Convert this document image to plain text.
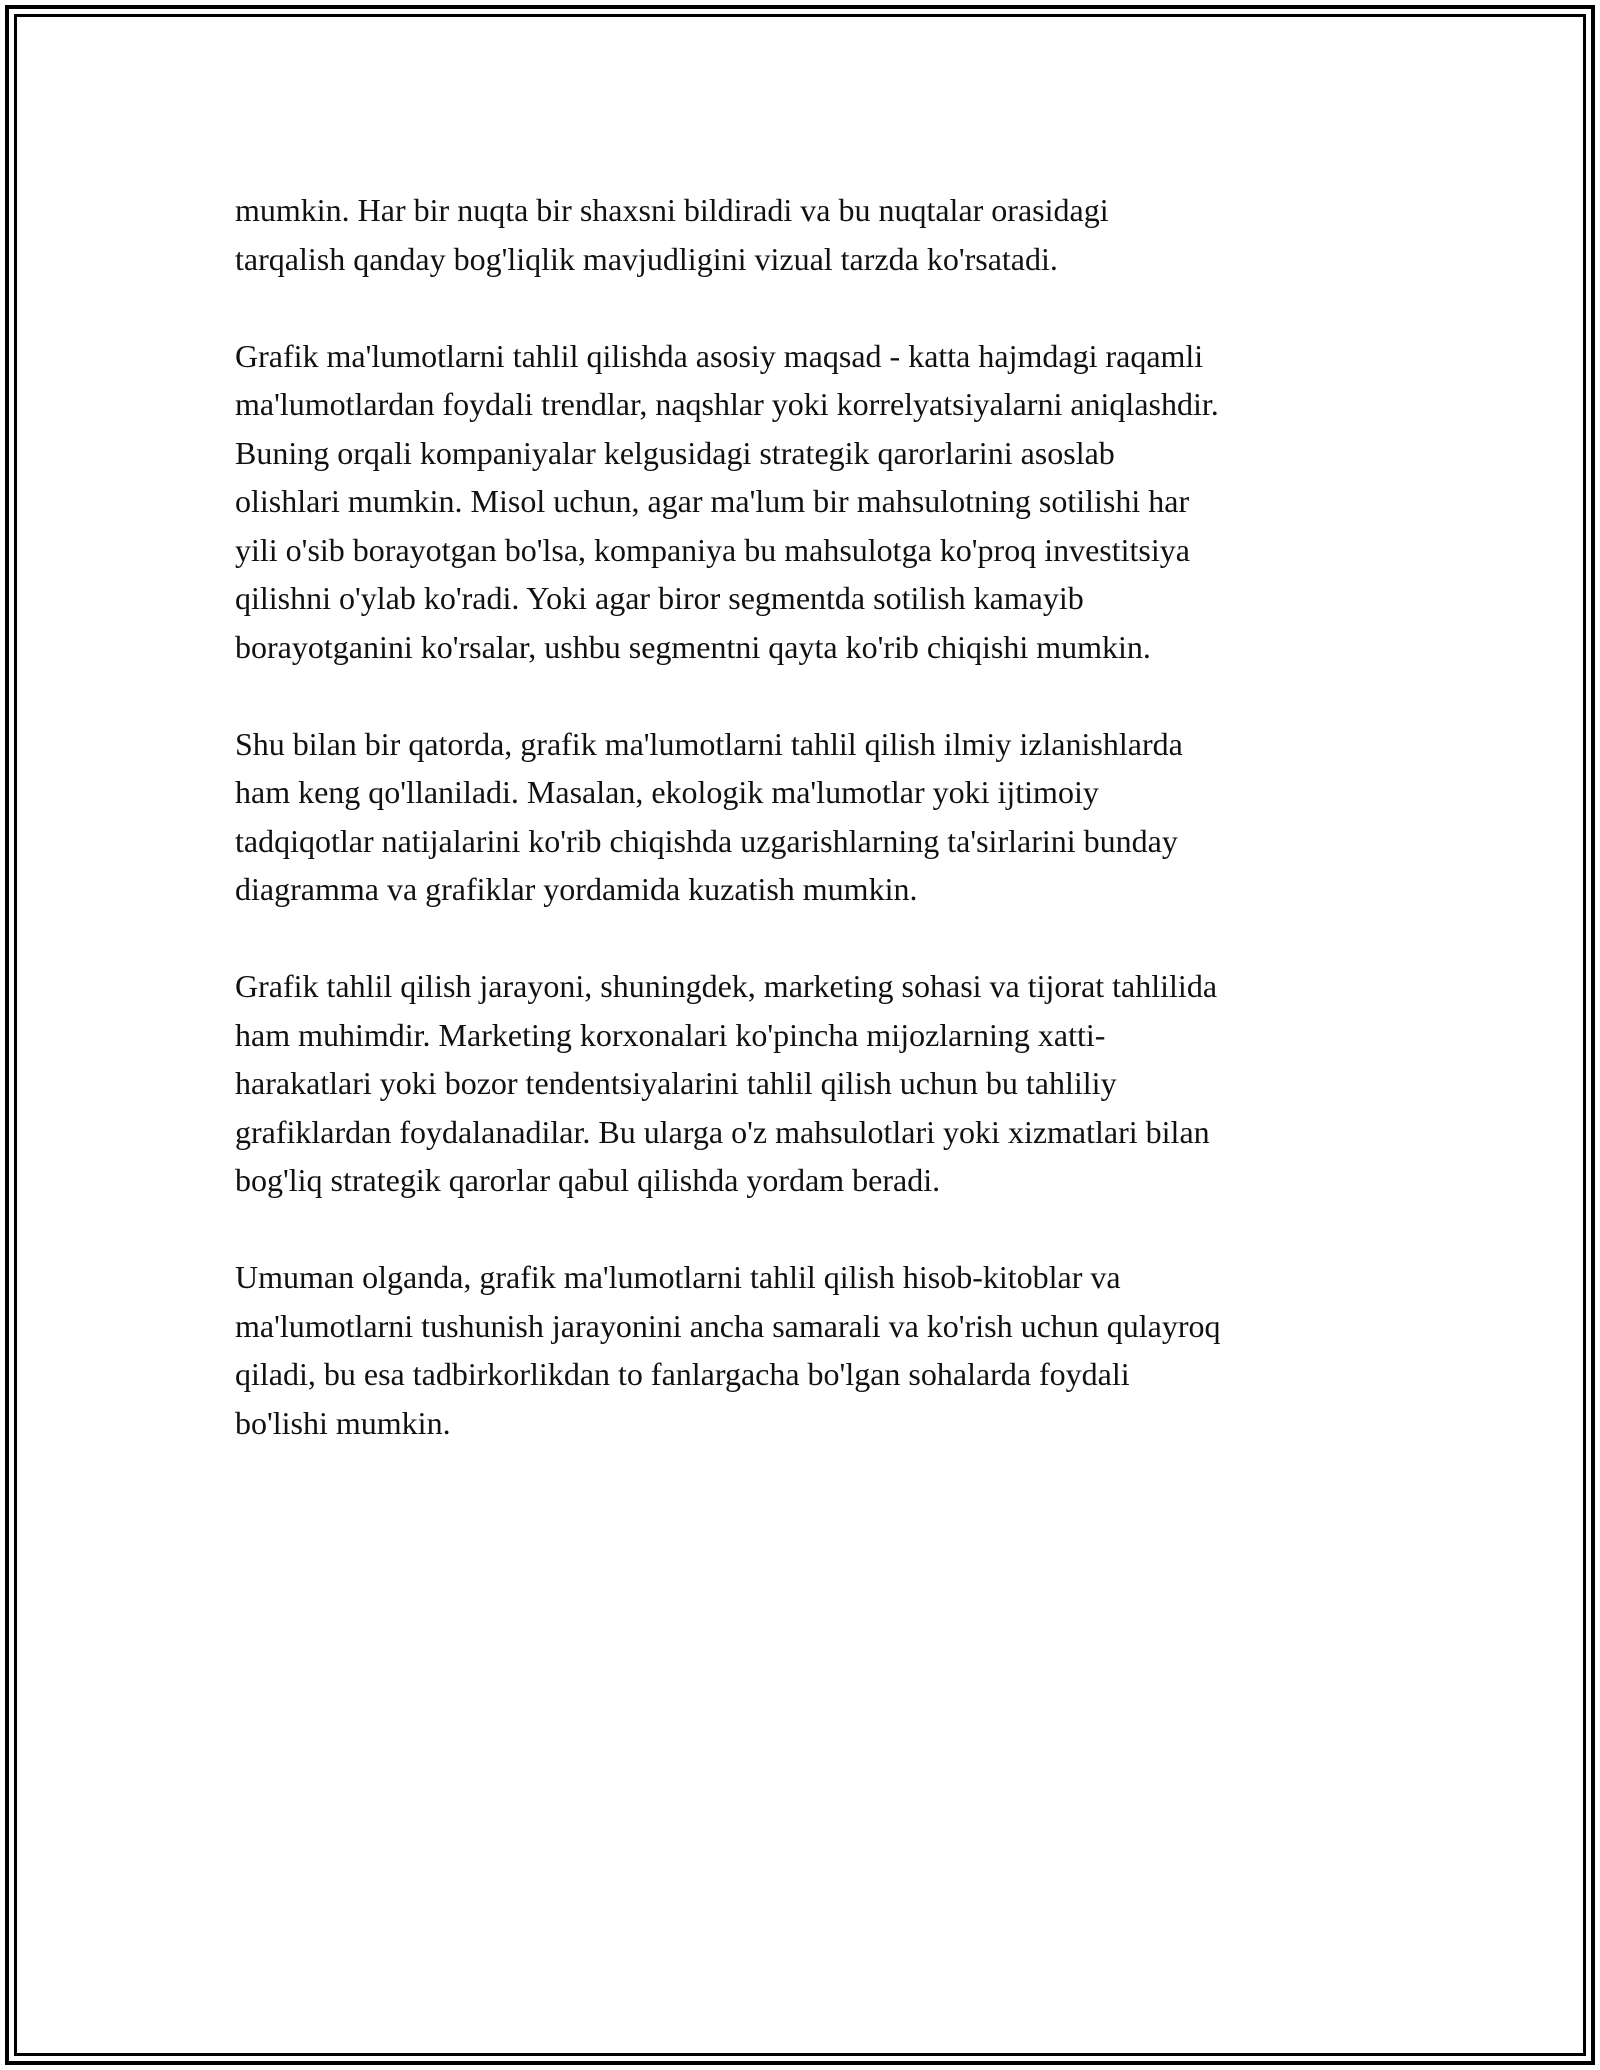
mumkin. Har bir nuqta bir shaxsni bildiradi va bu nuqtalar orasidagi
tarqalish qanday bog'liqlik mavjudligini vizual tarzda ko'rsatadi.

Grafik ma'lumotlarni tahlil qilishda asosiy maqsad - katta hajmdagi raqamli
ma'lumotlardan foydali trendlar, naqshlar yoki korrelyatsiyalarni aniqlashdir.
Buning orqali kompaniyalar kelgusidagi strategik qarorlarini asoslab
olishlari mumkin. Misol uchun, agar ma'lum bir mahsulotning sotilishi har
yili o'sib borayotgan bo'lsa, kompaniya bu mahsulotga ko'proq investitsiya
qilishni o'ylab ko'radi. Yoki agar biror segmentda sotilish kamayib
borayotganini ko'rsalar, ushbu segmentni qayta ko'rib chiqishi mumkin.

Shu bilan bir qatorda, grafik ma'lumotlarni tahlil qilish ilmiy izlanishlarda
ham keng qo'llaniladi. Masalan, ekologik ma'lumotlar yoki ijtimoiy
tadqiqotlar natijalarini ko'rib chiqishda uzgarishlarning ta'sirlarini bunday
diagramma va grafiklar yordamida kuzatish mumkin.

Grafik tahlil qilish jarayoni, shuningdek, marketing sohasi va tijorat tahlilida
ham muhimdir. Marketing korxonalari ko'pincha mijozlarning xatti-
harakatlari yoki bozor tendentsiyalarini tahlil qilish uchun bu tahliliy
grafiklardan foydalanadilar. Bu ularga o'z mahsulotlari yoki xizmatlari bilan
bog'liq strategik qarorlar qabul qilishda yordam beradi.

Umuman olganda, grafik ma'lumotlarni tahlil qilish hisob-kitoblar va
ma'lumotlarni tushunish jarayonini ancha samarali va ko'rish uchun qulayroq
qiladi, bu esa tadbirkorlikdan to fanlargacha bo'lgan sohalarda foydali
bo'lishi mumkin.
